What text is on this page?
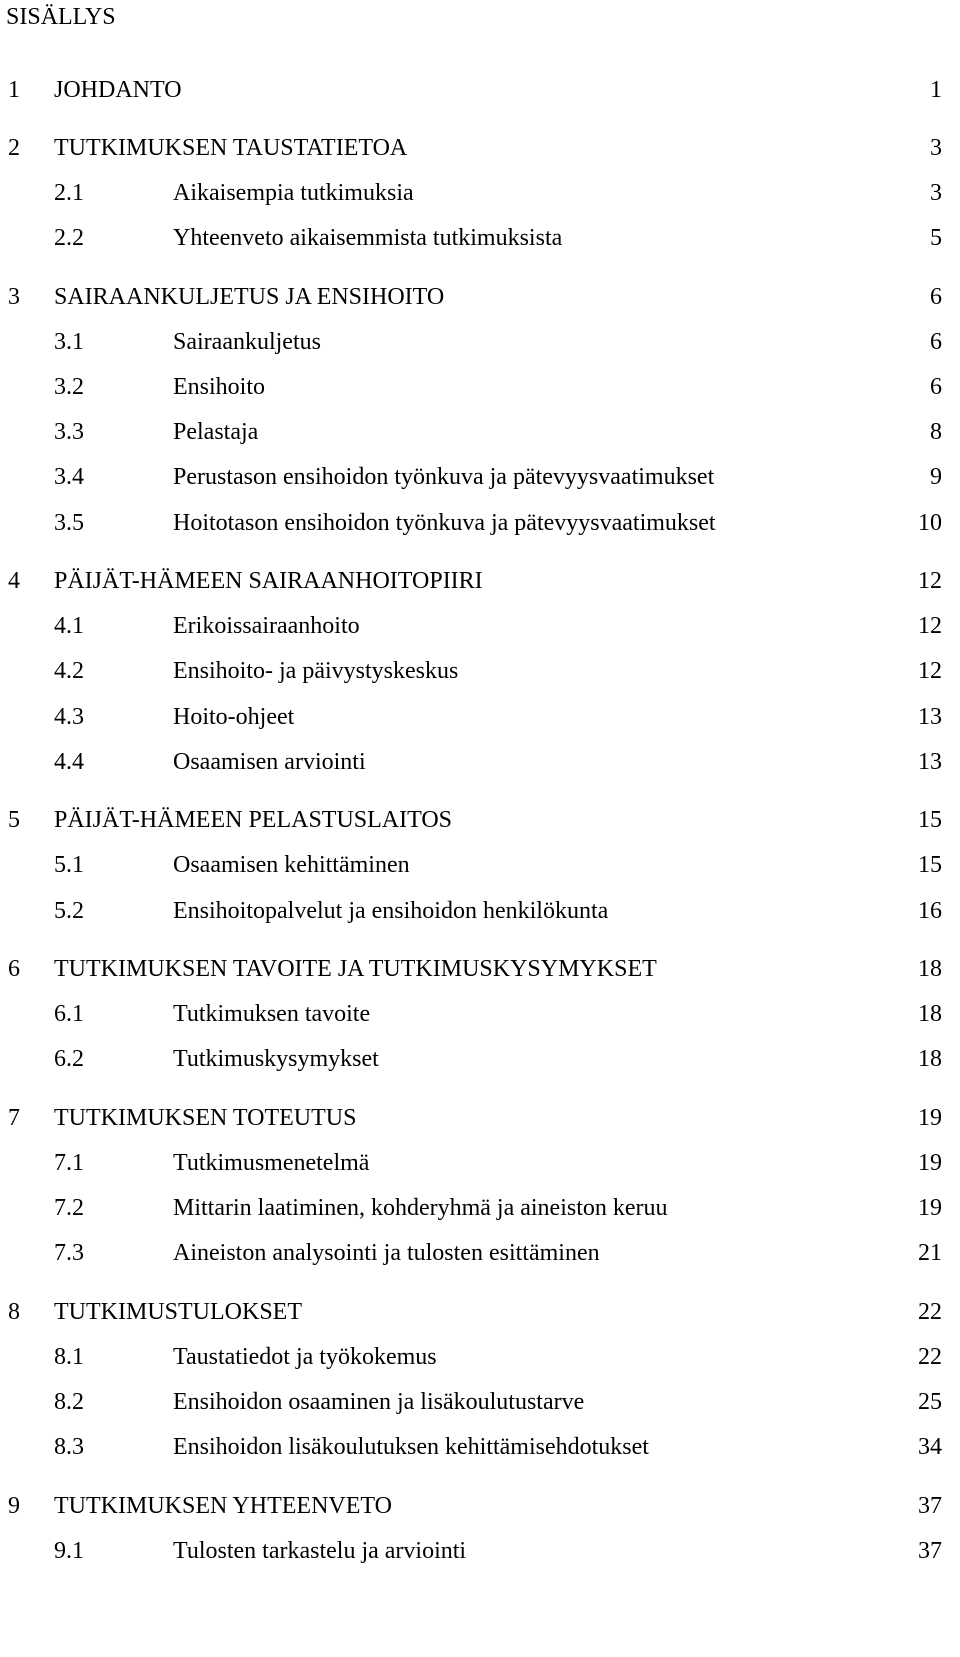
SISÄLLYS
1 JOHDANTO	1
2 TUTKIMUKSEN TAUSTATIETOA	3
2.1	Aikaisempia tutkimuksia	3
2.2	Yhteenveto aikaisemmista tutkimuksista	5
3 SAIRAANKULJETUS JA ENSIHOITO	6
3.1	Sairaankuljetus	6
3.2	Ensihoito	6
3.3	Pelastaja	8
3.4	Perustason ensihoidon työnkuva ja pätevyysvaatimukset	9
3.5	Hoitotason ensihoidon työnkuva ja pätevyysvaatimukset	10
4 PÄIJÄT-HÄMEEN SAIRAANHOITOPIIRI	12
4.1	Erikoissairaanhoito	12
4.2	Ensihoito- ja päivystyskeskus	12
4.3	Hoito-ohjeet	13
4.4	Osaamisen arviointi	13
5 PÄIJÄT-HÄMEEN PELASTUSLAITOS	15
5.1	Osaamisen kehittäminen	15
5.2	Ensihoitopalvelut ja ensihoidon henkilökunta	16
6 TUTKIMUKSEN TAVOITE JA TUTKIMUSKYSYMYKSET	18
6.1	Tutkimuksen tavoite	18
6.2	Tutkimuskysymykset	18
7 TUTKIMUKSEN TOTEUTUS	19
7.1	Tutkimusmenetelmä	19
7.2	Mittarin laatiminen, kohderyhmä ja aineiston keruu	19
7.3	Aineiston analysointi ja tulosten esittäminen	21
8 TUTKIMUSTULOKSET	22
8.1	Taustatiedot ja työkokemus	22
8.2	Ensihoidon osaaminen ja lisäkoulutustarve	25
8.3	Ensihoidon lisäkoulutuksen kehittämisehdotukset	34
9 TUTKIMUKSEN YHTEENVETO	37
9.1	Tulosten tarkastelu ja arviointi	37
